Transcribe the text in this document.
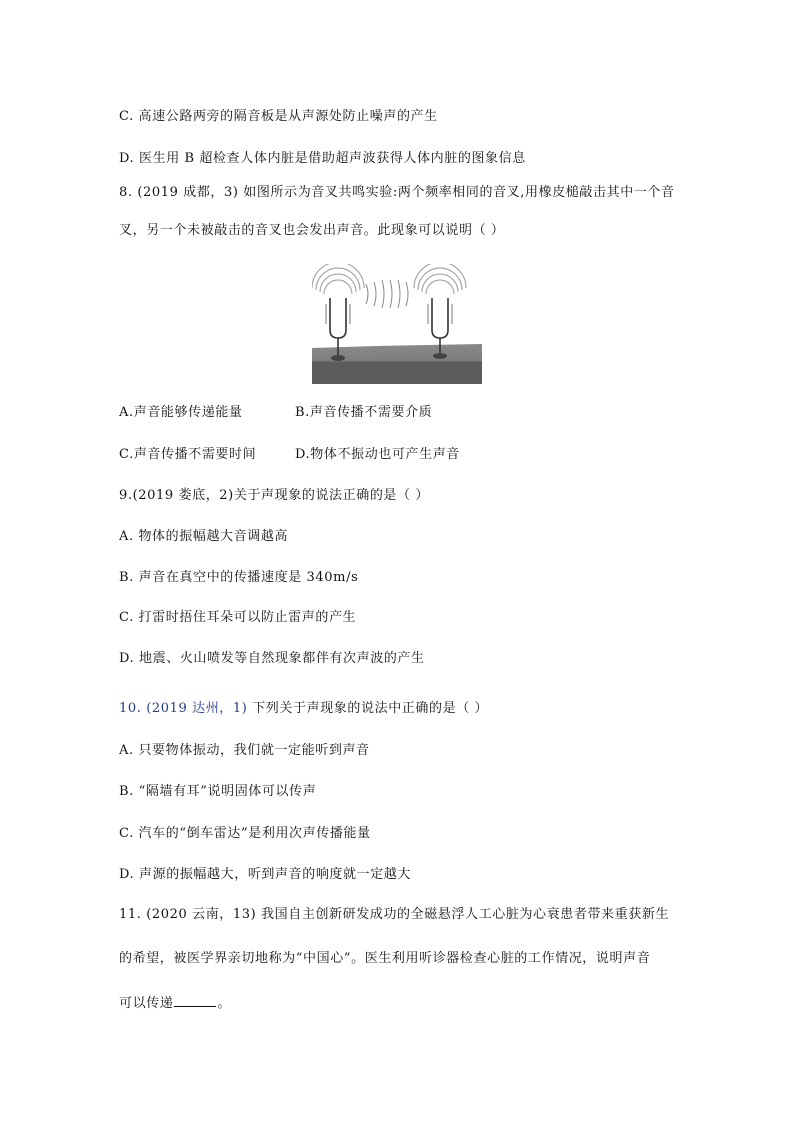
C. 高速公路两旁的隔音板是从声源处防止噪声的产生
D. 医生用 B 超检查人体内脏是借助超声波获得人体内脏的图象信息
8. (2019 成都，3) 如图所示为音叉共鸣实验:两个频率相同的音叉,用橡皮槌敲击其中一个音
叉，另一个未被敲击的音叉也会发出声音。此现象可以说明（ ）
A.声音能够传递能量	B.声音传播不需要介质
C.声音传播不需要时间	D.物体不振动也可产生声音
9.(2019 娄底，2)关于声现象的说法正确的是（ ）
A. 物体的振幅越大音调越高
B. 声音在真空中的传播速度是 340m/s
C. 打雷时捂住耳朵可以防止雷声的产生
D. 地震、火山喷发等自然现象都伴有次声波的产生
10. (2019 达州，1) 下列关于声现象的说法中正确的是（ ）
A. 只要物体振动，我们就一定能听到声音
B. “隔墙有耳”说明固体可以传声
C. 汽车的“倒车雷达”是利用次声传播能量
D. 声源的振幅越大，听到声音的响度就一定越大
11. (2020 云南，13) 我国自主创新研发成功的全磁悬浮人工心脏为心衰患者带来重获新生
的希望，被医学界亲切地称为“中国心”。医生利用听诊器检查心脏的工作情况，说明声音
可以传递	。
